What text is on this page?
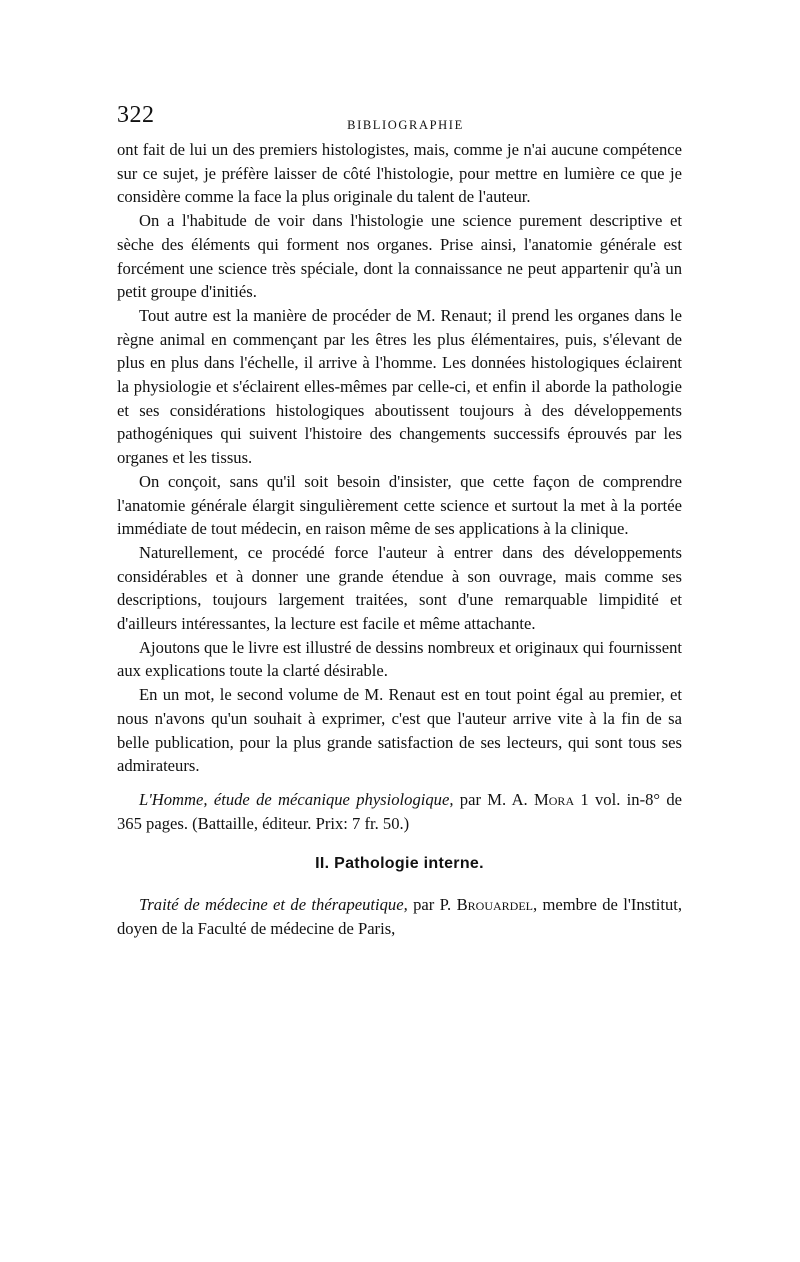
322	BIBLIOGRAPHIE

ont fait de lui un des premiers histologistes, mais, comme je n'ai aucune compétence sur ce sujet, je préfère laisser de côté l'histologie, pour mettre en lumière ce que je considère comme la face la plus originale du talent de l'auteur.

On a l'habitude de voir dans l'histologie une science purement descriptive et sèche des éléments qui forment nos organes. Prise ainsi, l'anatomie générale est forcément une science très spéciale, dont la connaissance ne peut appartenir qu'à un petit groupe d'initiés.

Tout autre est la manière de procéder de M. Renaut; il prend les organes dans le règne animal en commençant par les êtres les plus élémentaires, puis, s'élevant de plus en plus dans l'échelle, il arrive à l'homme. Les données histologiques éclairent la physiologie et s'éclairent elles-mêmes par celle-ci, et enfin il aborde la pathologie et ses considérations histologiques aboutissent toujours à des développements pathogéniques qui suivent l'histoire des changements successifs éprouvés par les organes et les tissus.

On conçoit, sans qu'il soit besoin d'insister, que cette façon de comprendre l'anatomie générale élargit singulièrement cette science et surtout la met à la portée immédiate de tout médecin, en raison même de ses applications à la clinique.

Naturellement, ce procédé force l'auteur à entrer dans des développements considérables et à donner une grande étendue à son ouvrage, mais comme ses descriptions, toujours largement traitées, sont d'une remarquable limpidité et d'ailleurs intéressantes, la lecture est facile et même attachante.

Ajoutons que le livre est illustré de dessins nombreux et originaux qui fournissent aux explications toute la clarté désirable.

En un mot, le second volume de M. Renaut est en tout point égal au premier, et nous n'avons qu'un souhait à exprimer, c'est que l'auteur arrive vite à la fin de sa belle publication, pour la plus grande satisfaction de ses lecteurs, qui sont tous ses admirateurs.

L'Homme, étude de mécanique physiologique, par M. A. Mora 1 vol. in-8° de 365 pages. (Battaille, éditeur. Prix: 7 fr. 50.)

II. Pathologie interne.

Traité de médecine et de thérapeutique, par P. Brouardel, membre de l'Institut, doyen de la Faculté de médecine de Paris,
